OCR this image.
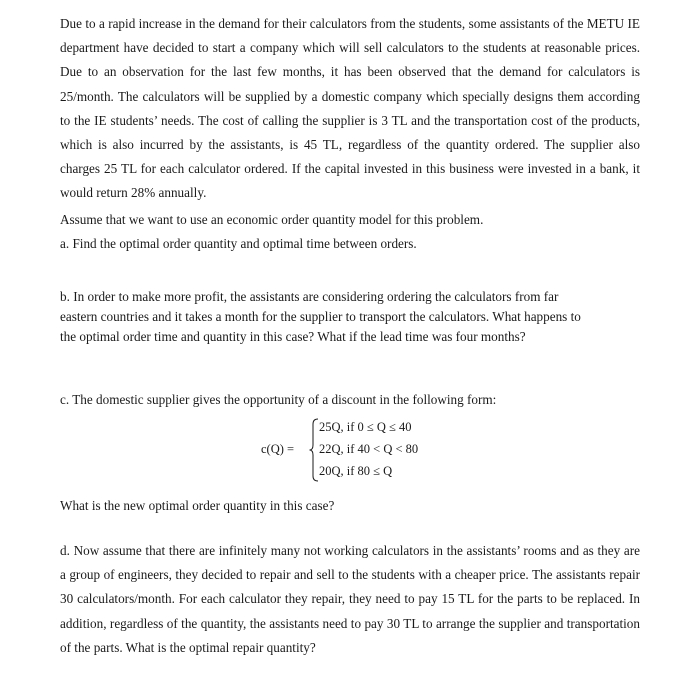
Due to a rapid increase in the demand for their calculators from the students, some assistants of the METU IE department have decided to start a company which will sell calculators to the students at reasonable prices. Due to an observation for the last few months, it has been observed that the demand for calculators is 25/month. The calculators will be supplied by a domestic company which specially designs them according to the IE students’ needs. The cost of calling the supplier is 3 TL and the transportation cost of the products, which is also incurred by the assistants, is 45 TL, regardless of the quantity ordered. The supplier also charges 25 TL for each calculator ordered. If the capital invested in this business were invested in a bank, it would return 28% annually.

Assume that we want to use an economic order quantity model for this problem.

a. Find the optimal order quantity and optimal time between orders.

b. In order to make more profit, the assistants are considering ordering the calculators from far eastern countries and it takes a month for the supplier to transport the calculators. What happens to the optimal order time and quantity in this case? What if the lead time was four months?

c. The domestic supplier gives the opportunity of a discount in the following form:

c(Q) =
25Q, if 0 ≤ Q ≤ 40
22Q, if 40 < Q < 80
20Q, if 80 ≤ Q

What is the new optimal order quantity in this case?

d. Now assume that there are infinitely many not working calculators in the assistants’ rooms and as they are a group of engineers, they decided to repair and sell to the students with a cheaper price. The assistants repair 30 calculators/month. For each calculator they repair, they need to pay 15 TL for the parts to be replaced. In addition, regardless of the quantity, the assistants need to pay 30 TL to arrange the supplier and transportation of the parts. What is the optimal repair quantity?
